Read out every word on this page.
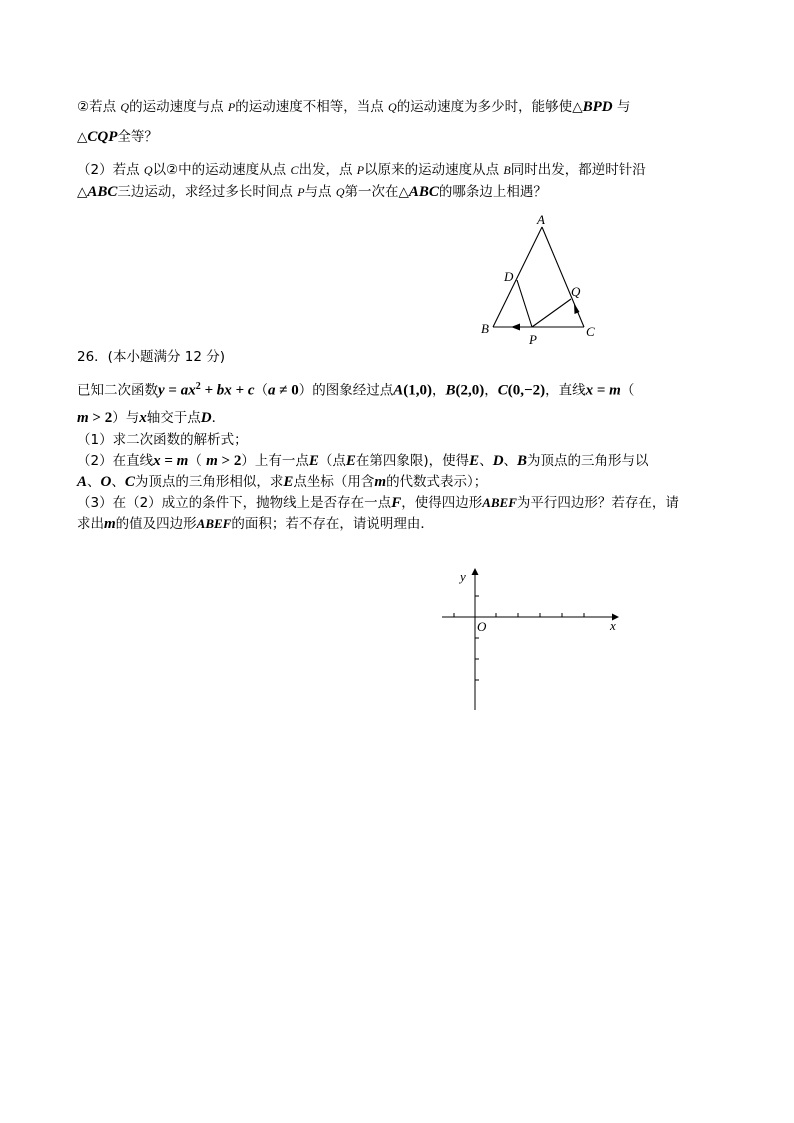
②若点 Q的运动速度与点 P的运动速度不相等，当点 Q的运动速度为多少时，能够使△BPD 与
△CQP全等？
（2）若点 Q以②中的运动速度从点 C出发，点 P以原来的运动速度从点 B同时出发，都逆时针沿
△ABC三边运动，求经过多长时间点 P与点 Q第一次在△ABC的哪条边上相遇？
A
B	C
D
P
Q
26．(本小题满分 12 分)
已知二次函数$y = ax^2$ + bx + c（a ≠ 0）的图象经过点A(1,0)，B(2,0)，C(0,−2)，直线x = m（
m > 2）与x轴交于点D．
（1）求二次函数的解析式；
（2）在直线x = m（ m > 2）上有一点E（点E在第四象限)，使得E、D、B为顶点的三角形与以
A、O、C为顶点的三角形相似，求E点坐标（用含m的代数式表示）；
（3）在（2）成立的条件下，抛物线上是否存在一点F，使得四边形ABEF为平行四边形？若存在，请
求出m的值及四边形ABEF的面积；若不存在，请说明理由．
y
x
O
